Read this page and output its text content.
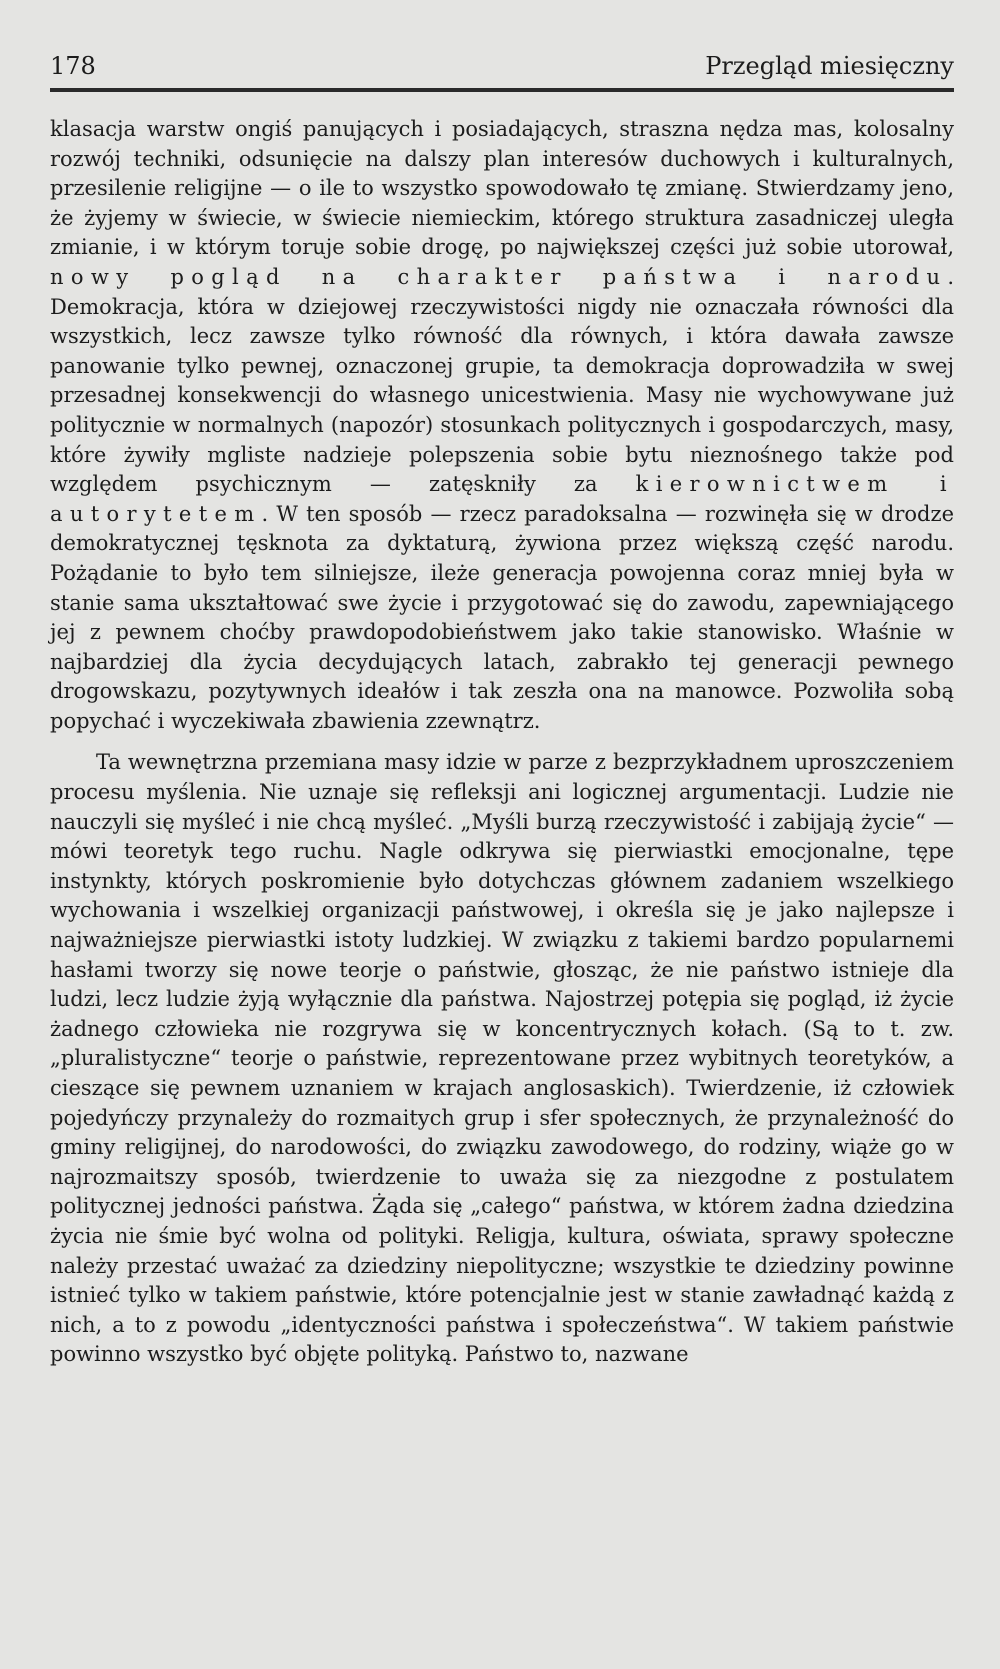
178	Przegląd miesięczny

klasacja warstw ongiś panujących i posiadających, straszna nędza mas, kolosalny rozwój techniki, odsunięcie na dalszy plan interesów duchowych i kulturalnych, przesilenie religijne — o ile to wszystko spowodowało tę zmianę. Stwierdzamy jeno, że żyjemy w świecie, w świecie niemieckim, którego struktura zasadniczej uległa zmianie, i w którym toruje sobie drogę, po największej części już sobie utorował, nowy pogląd na charakter państwa i narodu. Demokracja, która w dziejowej rzeczywistości nigdy nie oznaczała równości dla wszystkich, lecz zawsze tylko równość dla równych, i która dawała zawsze panowanie tylko pewnej, oznaczonej grupie, ta demokracja doprowadziła w swej przesadnej konsekwencji do własnego unicestwienia. Masy nie wychowywane już politycznie w normalnych (napozór) stosunkach politycznych i gospodarczych, masy, które żywiły mgliste nadzieje polepszenia sobie bytu nieznośnego także pod względem psychicznym — zatęskniły za kierownictwem i autorytetem. W ten sposób — rzecz paradoksalna — rozwinęła się w drodze demokratycznej tęsknota za dyktaturą, żywiona przez większą część narodu. Pożądanie to było tem silniejsze, ileże generacja powojenna coraz mniej była w stanie sama ukształtować swe życie i przygotować się do zawodu, zapewniającego jej z pewnem choćby prawdopodobieństwem jako takie stanowisko. Właśnie w najbardziej dla życia decydujących latach, zabrakło tej generacji pewnego drogowskazu, pozytywnych ideałów i tak zeszła ona na manowce. Pozwoliła sobą popychać i wyczekiwała zbawienia zzewnątrz.

Ta wewnętrzna przemiana masy idzie w parze z bezprzykładnem uproszczeniem procesu myślenia. Nie uznaje się refleksji ani logicznej argumentacji. Ludzie nie nauczyli się myśleć i nie chcą myśleć. „Myśli burzą rzeczywistość i zabijają życie“ — mówi teoretyk tego ruchu. Nagle odkrywa się pierwiastki emocjonalne, tępe instynkty, których poskromienie było dotychczas głównem zadaniem wszelkiego wychowania i wszelkiej organizacji państwowej, i określa się je jako najlepsze i najważniejsze pierwiastki istoty ludzkiej. W związku z takiemi bardzo popularnemi hasłami tworzy się nowe teorje o państwie, głosząc, że nie państwo istnieje dla ludzi, lecz ludzie żyją wyłącznie dla państwa. Najostrzej potępia się pogląd, iż życie żadnego człowieka nie rozgrywa się w koncentrycznych kołach. (Są to t. zw. „pluralistyczne“ teorje o państwie, reprezentowane przez wybitnych teoretyków, a cieszące się pewnem uznaniem w krajach anglosaskich). Twierdzenie, iż człowiek pojedyńczy przynależy do rozmaitych grup i sfer społecznych, że przynależność do gminy religijnej, do narodowości, do związku zawodowego, do rodziny, wiąże go w najrozmaitszy sposób, twierdzenie to uważa się za niezgodne z postulatem politycznej jedności państwa. Żąda się „całego“ państwa, w którem żadna dziedzina życia nie śmie być wolna od polityki. Religja, kultura, oświata, sprawy społeczne należy przestać uważać za dziedziny niepolityczne; wszystkie te dziedziny powinne istnieć tylko w takiem państwie, które potencjalnie jest w stanie zawładnąć każdą z nich, a to z powodu „identyczności państwa i społeczeństwa“. W takiem państwie powinno wszystko być objęte polityką. Państwo to, nazwane
